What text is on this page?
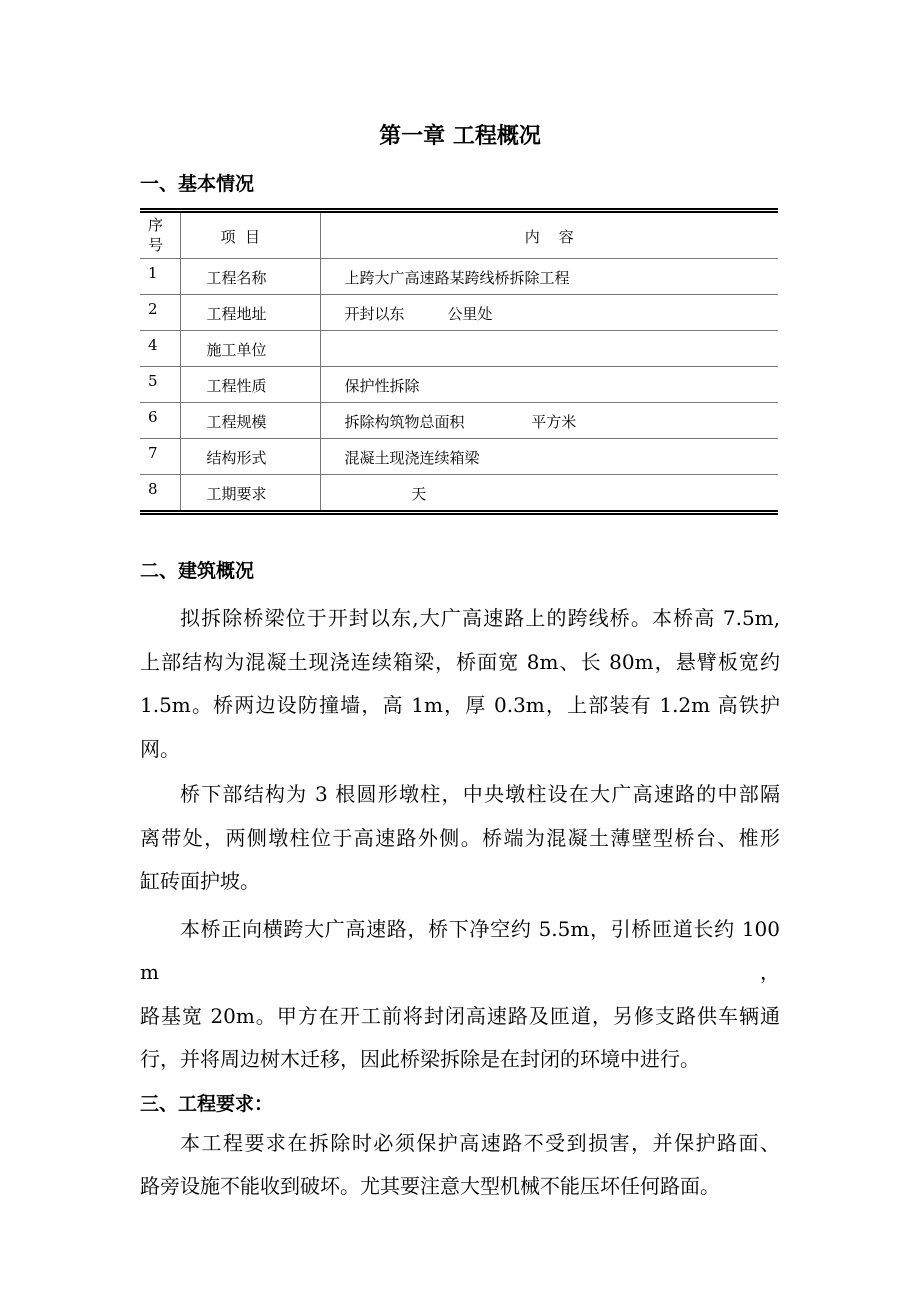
第一章 工程概况
一、基本情况
序号	项  目	内    容
1	工程名称	上跨大广高速路某跨线桥拆除工程
2	工程地址	开封以东         公里处
4	施工单位	
5	工程性质	保护性拆除
6	工程规模	拆除构筑物总面积              平方米
7	结构形式	混凝土现浇连续箱梁
8	工期要求	天
二、建筑概况
拟拆除桥梁位于开封以东,大广高速路上的跨线桥。本桥高 7.5m,
上部结构为混凝土现浇连续箱梁，桥面宽 8m、长 80m，悬臂板宽约
1.5m。桥两边设防撞墙，高 1m，厚 0.3m，上部装有 1.2m 高铁护网。
桥下部结构为 3 根圆形墩柱，中央墩柱设在大广高速路的中部隔
离带处，两侧墩柱位于高速路外侧。桥端为混凝土薄壁型桥台、椎形
缸砖面护坡。
本桥正向横跨大广高速路，桥下净空约 5.5m，引桥匝道长约 100m，
路基宽 20m。甲方在开工前将封闭高速路及匝道，另修支路供车辆通
行，并将周边树木迁移，因此桥梁拆除是在封闭的环境中进行。
三、工程要求：
本工程要求在拆除时必须保护高速路不受到损害，并保护路面、
路旁设施不能收到破坏。尤其要注意大型机械不能压坏任何路面。
